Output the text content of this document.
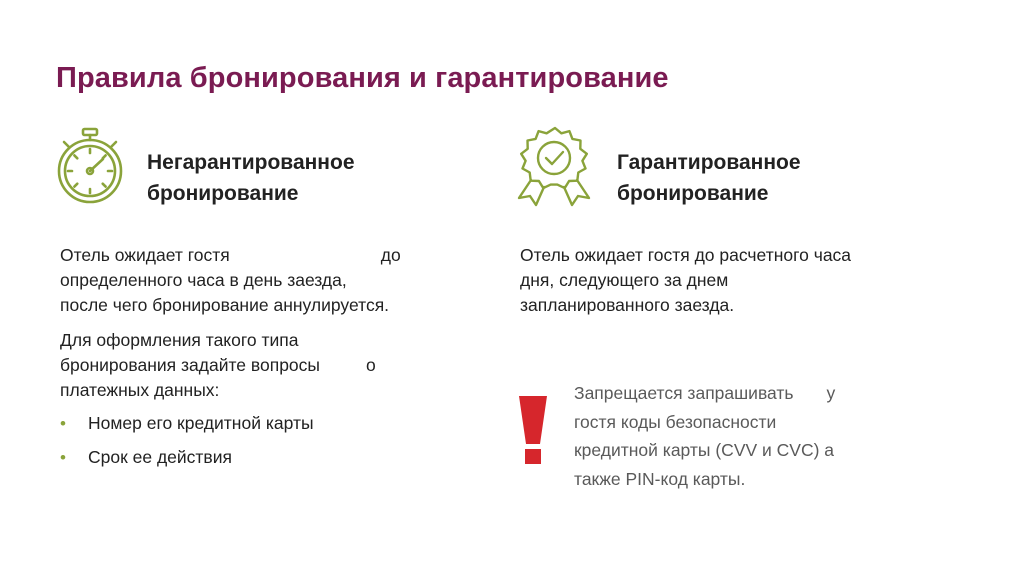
Правила бронирования и гарантирование
Негарантированное
бронирование
Гарантированное
бронирование

Отель ожидает гостя	до
определенного часа в день заезда,
после чего бронирование аннулируется.

Для оформления такого типа
бронирования задайте вопросы	о
платежных данных:

• Номер его кредитной карты
• Срок ее действия
Отель ожидает гостя до расчетного часа
дня, следующего за днем
запланированного заезда.
Запрещается запрашивать у
гостя коды безопасности
кредитной карты (CVV и CVC) а
также PIN-код карты.
